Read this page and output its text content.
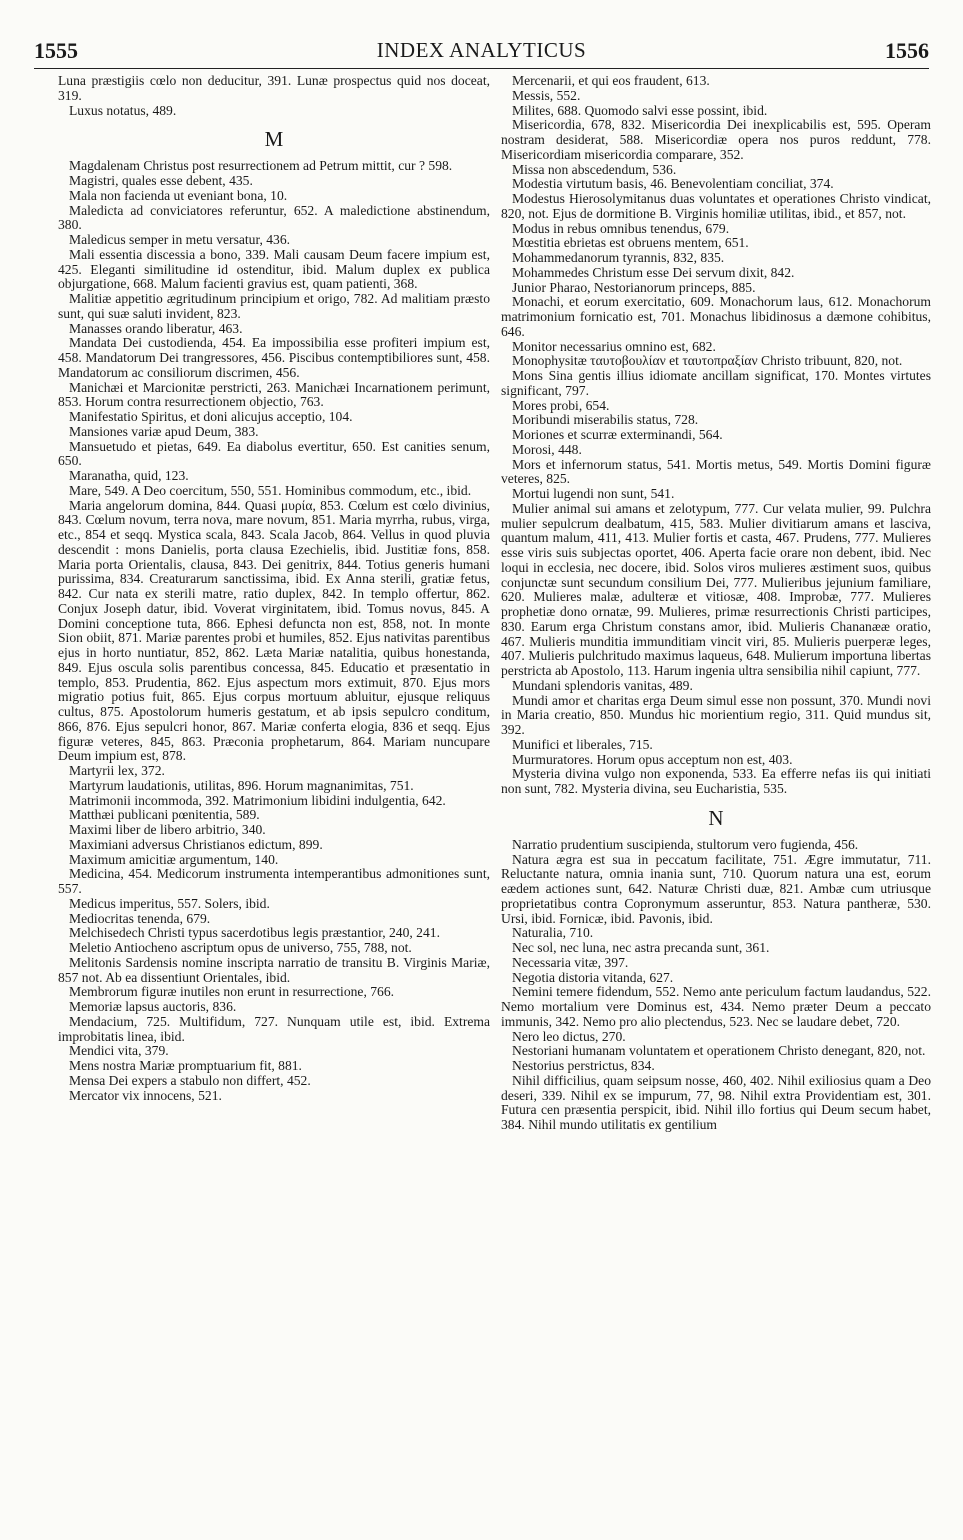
1555	INDEX ANALYTICUS	1556

Luna præstigiis cœlo non deducitur, 391. Lunæ prospectus quid nos doceat, 319.

Luxus notatus, 489.

M

Magdalenam Christus post resurrectionem ad Petrum mittit, cur ? 598.

Magistri, quales esse debent, 435.

Mala non facienda ut eveniant bona, 10.

Maledicta ad conviciatores referuntur, 652. A maledictione abstinendum, 380.

Maledicus semper in metu versatur, 436.

Mali essentia discessia a bono, 339. Mali causam Deum facere impium est, 425. Eleganti similitudine id ostenditur, ibid. Malum duplex ex publica objurgatione, 668. Malum facienti gravius est, quam patienti, 368.

Malitiæ appetitio ægritudinum principium et origo, 782. Ad malitiam præsto sunt, qui suæ saluti invident, 823.

Manasses orando liberatur, 463.

Mandata Dei custodienda, 454. Ea impossibilia esse profiteri impium est, 458. Mandatorum Dei trangressores, 456. Piscibus contemptibiliores sunt, 458. Mandatorum ac consiliorum discrimen, 456.

Manichæi et Marcionitæ perstricti, 263. Manichæi Incarnationem perimunt, 853. Horum contra resurrectionem objectio, 763.

Manifestatio Spiritus, et doni alicujus acceptio, 104.

Mansiones variæ apud Deum, 383.

Mansuetudo et pietas, 649. Ea diabolus evertitur, 650. Est canities senum, 650.

Maranatha, quid, 123.

Mare, 549. A Deo coercitum, 550, 551. Hominibus commodum, etc., ibid.

Maria angelorum domina, 844. Quasi μυρία, 853. Cœlum est cœlo divinius, 843. Cœlum novum, terra nova, mare novum, 851. Maria myrrha, rubus, virga, etc., 854 et seqq. Mystica scala, 843. Scala Jacob, 864. Vellus in quod pluvia descendit : mons Danielis, porta clausa Ezechielis, ibid. Justitiæ fons, 858. Maria porta Orientalis, clausa, 843. Dei genitrix, 844. Totius generis humani purissima, 834. Creaturarum sanctissima, ibid. Ex Anna sterili, gratiæ fetus, 842. Cur nata ex sterili matre, ratio duplex, 842. In templo offertur, 862. Conjux Joseph datur, ibid. Voverat virginitatem, ibid. Tomus novus, 845. A Domini conceptione tuta, 866. Ephesi defuncta non est, 858, not. In monte Sion obiit, 871. Mariæ parentes probi et humiles, 852. Ejus nativitas parentibus ejus in horto nuntiatur, 852, 862. Læta Mariæ natalitia, quibus honestanda, 849. Ejus oscula solis parentibus concessa, 845. Educatio et præsentatio in templo, 853. Prudentia, 862. Ejus aspectum mors extimuit, 870. Ejus mors migratio potius fuit, 865. Ejus corpus mortuum abluitur, ejusque reliquus cultus, 875. Apostolorum humeris gestatum, et ab ipsis sepulcro conditum, 866, 876. Ejus sepulcri honor, 867. Mariæ conferta elogia, 836 et seqq. Ejus figuræ veteres, 845, 863. Præconia prophetarum, 864. Mariam nuncupare Deum impium est, 878.

Martyrii lex, 372.

Martyrum laudationis, utilitas, 896. Horum magnanimitas, 751.

Matrimonii incommoda, 392. Matrimonium libidini indulgentia, 642.

Matthæi publicani pœnitentia, 589.

Maximi liber de libero arbitrio, 340.

Maximiani adversus Christianos edictum, 899.

Maximum amicitiæ argumentum, 140.

Medicina, 454. Medicorum instrumenta intemperantibus admonitiones sunt, 557.

Medicus imperitus, 557. Solers, ibid.

Mediocritas tenenda, 679.

Melchisedech Christi typus sacerdotibus legis præstantior, 240, 241.

Meletio Antiocheno ascriptum opus de universo, 755, 788, not.

Melitonis Sardensis nomine inscripta narratio de transitu B. Virginis Mariæ, 857 not. Ab ea dissentiunt Orientales, ibid.

Membrorum figuræ inutiles non erunt in resurrectione, 766.

Memoriæ lapsus auctoris, 836.

Mendacium, 725. Multifidum, 727. Nunquam utile est, ibid. Extrema improbitatis linea, ibid.

Mendici vita, 379.

Mens nostra Mariæ promptuarium fit, 881.

Mensa Dei expers a stabulo non differt, 452.

Mercator vix innocens, 521.

Mercenarii, et qui eos fraudent, 613.

Messis, 552.

Milites, 688. Quomodo salvi esse possint, ibid.

Misericordia, 678, 832. Misericordia Dei inexplicabilis est, 595. Operam nostram desiderat, 588. Misericordiæ opera nos puros reddunt, 778. Misericordiam misericordia comparare, 352.

Missa non abscedendum, 536.

Modestia virtutum basis, 46. Benevolentiam conciliat, 374.

Modestus Hierosolymitanus duas voluntates et operationes Christo vindicat, 820, not. Ejus de dormitione B. Virginis homiliæ utilitas, ibid., et 857, not.

Modus in rebus omnibus tenendus, 679.

Mœstitia ebrietas est obruens mentem, 651.

Mohammedanorum tyrannis, 832, 835.

Mohammedes Christum esse Dei servum dixit, 842.

Junior Pharao, Nestorianorum princeps, 885.

Monachi, et eorum exercitatio, 609. Monachorum laus, 612. Monachorum matrimonium fornicatio est, 701. Monachus libidinosus a dæmone cohibitus, 646.

Monitor necessarius omnino est, 682.

Monophysitæ ταυτοβουλίαν et ταυτοπραξίαν Christo tribuunt, 820, not.

Mons Sina gentis illius idiomate ancillam significat, 170. Montes virtutes significant, 797.

Mores probi, 654.

Moribundi miserabilis status, 728.

Moriones et scurræ exterminandi, 564.

Morosi, 448.

Mors et infernorum status, 541. Mortis metus, 549. Mortis Domini figuræ veteres, 825.

Mortui lugendi non sunt, 541.

Mulier animal sui amans et zelotypum, 777. Cur velata mulier, 99. Pulchra mulier sepulcrum dealbatum, 415, 583. Mulier divitiarum amans et lasciva, quantum malum, 411, 413. Mulier fortis et casta, 467. Prudens, 777. Mulieres esse viris suis subjectas oportet, 406. Aperta facie orare non debent, ibid. Nec loqui in ecclesia, nec docere, ibid. Solos viros mulieres æstiment suos, quibus conjunctæ sunt secundum consilium Dei, 777. Mulieribus jejunium familiare, 620. Mulieres malæ, adulteræ et vitiosæ, 408. Improbæ, 777. Mulieres prophetiæ dono ornatæ, 99. Mulieres, primæ resurrectionis Christi participes, 830. Earum erga Christum constans amor, ibid. Mulieris Chananææ oratio, 467. Mulieris munditia immunditiam vincit viri, 85. Mulieris puerperæ leges, 407. Mulieris pulchritudo maximus laqueus, 648. Mulierum importuna libertas perstricta ab Apostolo, 113. Harum ingenia ultra sensibilia nihil capiunt, 777.

Mundani splendoris vanitas, 489.

Mundi amor et charitas erga Deum simul esse non possunt, 370. Mundi novi in Maria creatio, 850. Mundus hic morientium regio, 311. Quid mundus sit, 392.

Munifici et liberales, 715.

Murmuratores. Horum opus acceptum non est, 403.

Mysteria divina vulgo non exponenda, 533. Ea efferre nefas iis qui initiati non sunt, 782. Mysteria divina, seu Eucharistia, 535.

N

Narratio prudentium suscipienda, stultorum vero fugienda, 456.

Natura ægra est sua in peccatum facilitate, 751. Ægre immutatur, 711. Reluctante natura, omnia inania sunt, 710. Quorum natura una est, eorum eædem actiones sunt, 642. Naturæ Christi duæ, 821. Ambæ cum utriusque proprietatibus contra Copronymum asseruntur, 853. Natura pantheræ, 530. Ursi, ibid. Fornicæ, ibid. Pavonis, ibid.

Naturalia, 710.

Nec sol, nec luna, nec astra precanda sunt, 361.

Necessaria vitæ, 397.

Negotia distoria vitanda, 627.

Nemini temere fidendum, 552. Nemo ante periculum factum laudandus, 522. Nemo mortalium vere Dominus est, 434. Nemo præter Deum a peccato immunis, 342. Nemo pro alio plectendus, 523. Nec se laudare debet, 720.

Nero leo dictus, 270.

Nestoriani humanam voluntatem et operationem Christo denegant, 820, not.

Nestorius perstrictus, 834.

Nihil difficilius, quam seipsum nosse, 460, 402. Nihil exiliosius quam a Deo deseri, 339. Nihil ex se impurum, 77, 98. Nihil extra Providentiam est, 301. Futura cen præsentia perspicit, ibid. Nihil illo fortius qui Deum secum habet, 384. Nihil mundo utilitatis ex gentilium
